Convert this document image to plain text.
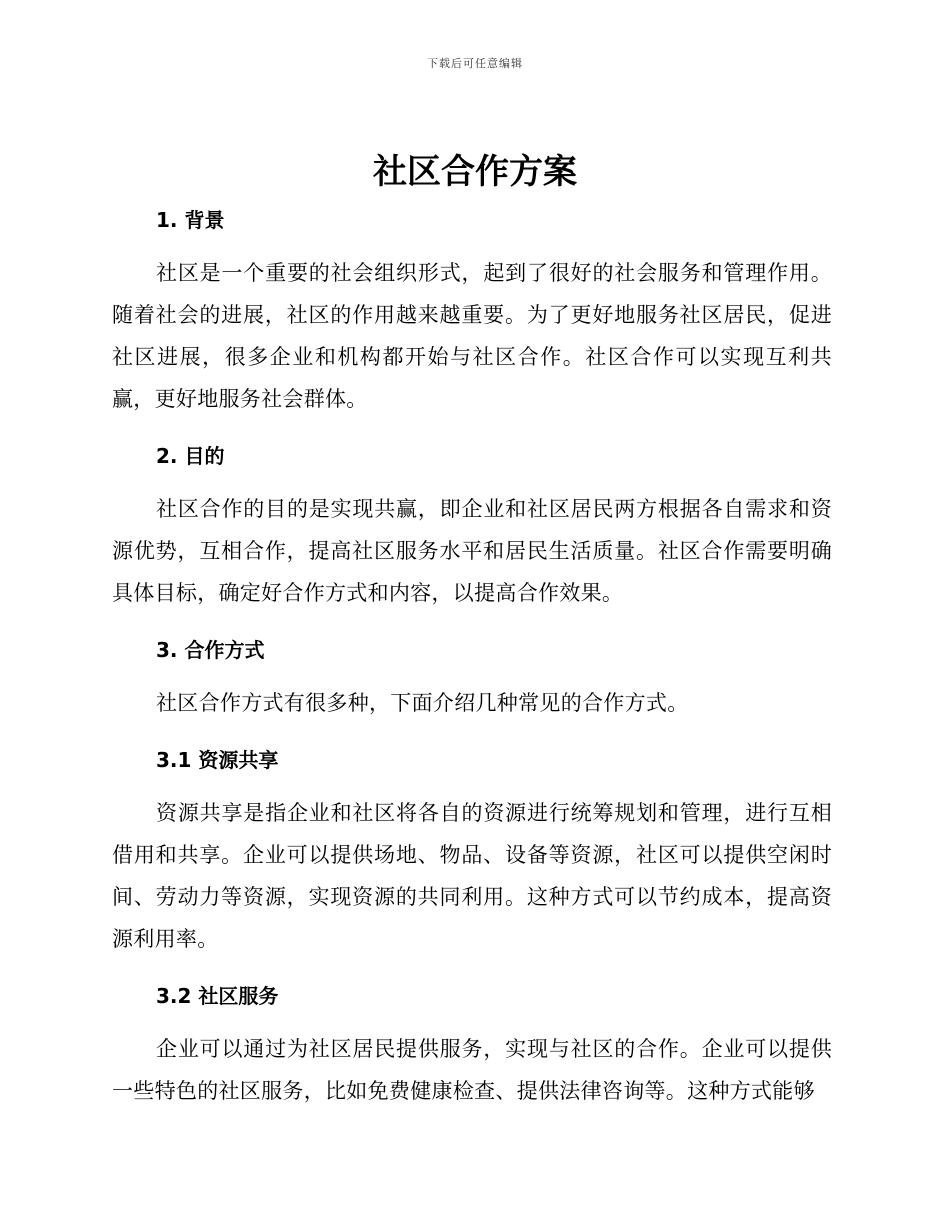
下载后可任意编辑
社区合作方案
1. 背景

社区是一个重要的社会组织形式，起到了很好的社会服务和管理作用。随着社会的进展，社区的作用越来越重要。为了更好地服务社区居民，促进社区进展，很多企业和机构都开始与社区合作。社区合作可以实现互利共赢，更好地服务社会群体。

2. 目的

社区合作的目的是实现共赢，即企业和社区居民两方根据各自需求和资源优势，互相合作，提高社区服务水平和居民生活质量。社区合作需要明确具体目标，确定好合作方式和内容，以提高合作效果。

3. 合作方式

社区合作方式有很多种，下面介绍几种常见的合作方式。

3.1 资源共享

资源共享是指企业和社区将各自的资源进行统筹规划和管理，进行互相借用和共享。企业可以提供场地、物品、设备等资源，社区可以提供空闲时间、劳动力等资源，实现资源的共同利用。这种方式可以节约成本，提高资源利用率。

3.2 社区服务

企业可以通过为社区居民提供服务，实现与社区的合作。企业可以提供一些特色的社区服务，比如免费健康检查、提供法律咨询等。这种方式能够
